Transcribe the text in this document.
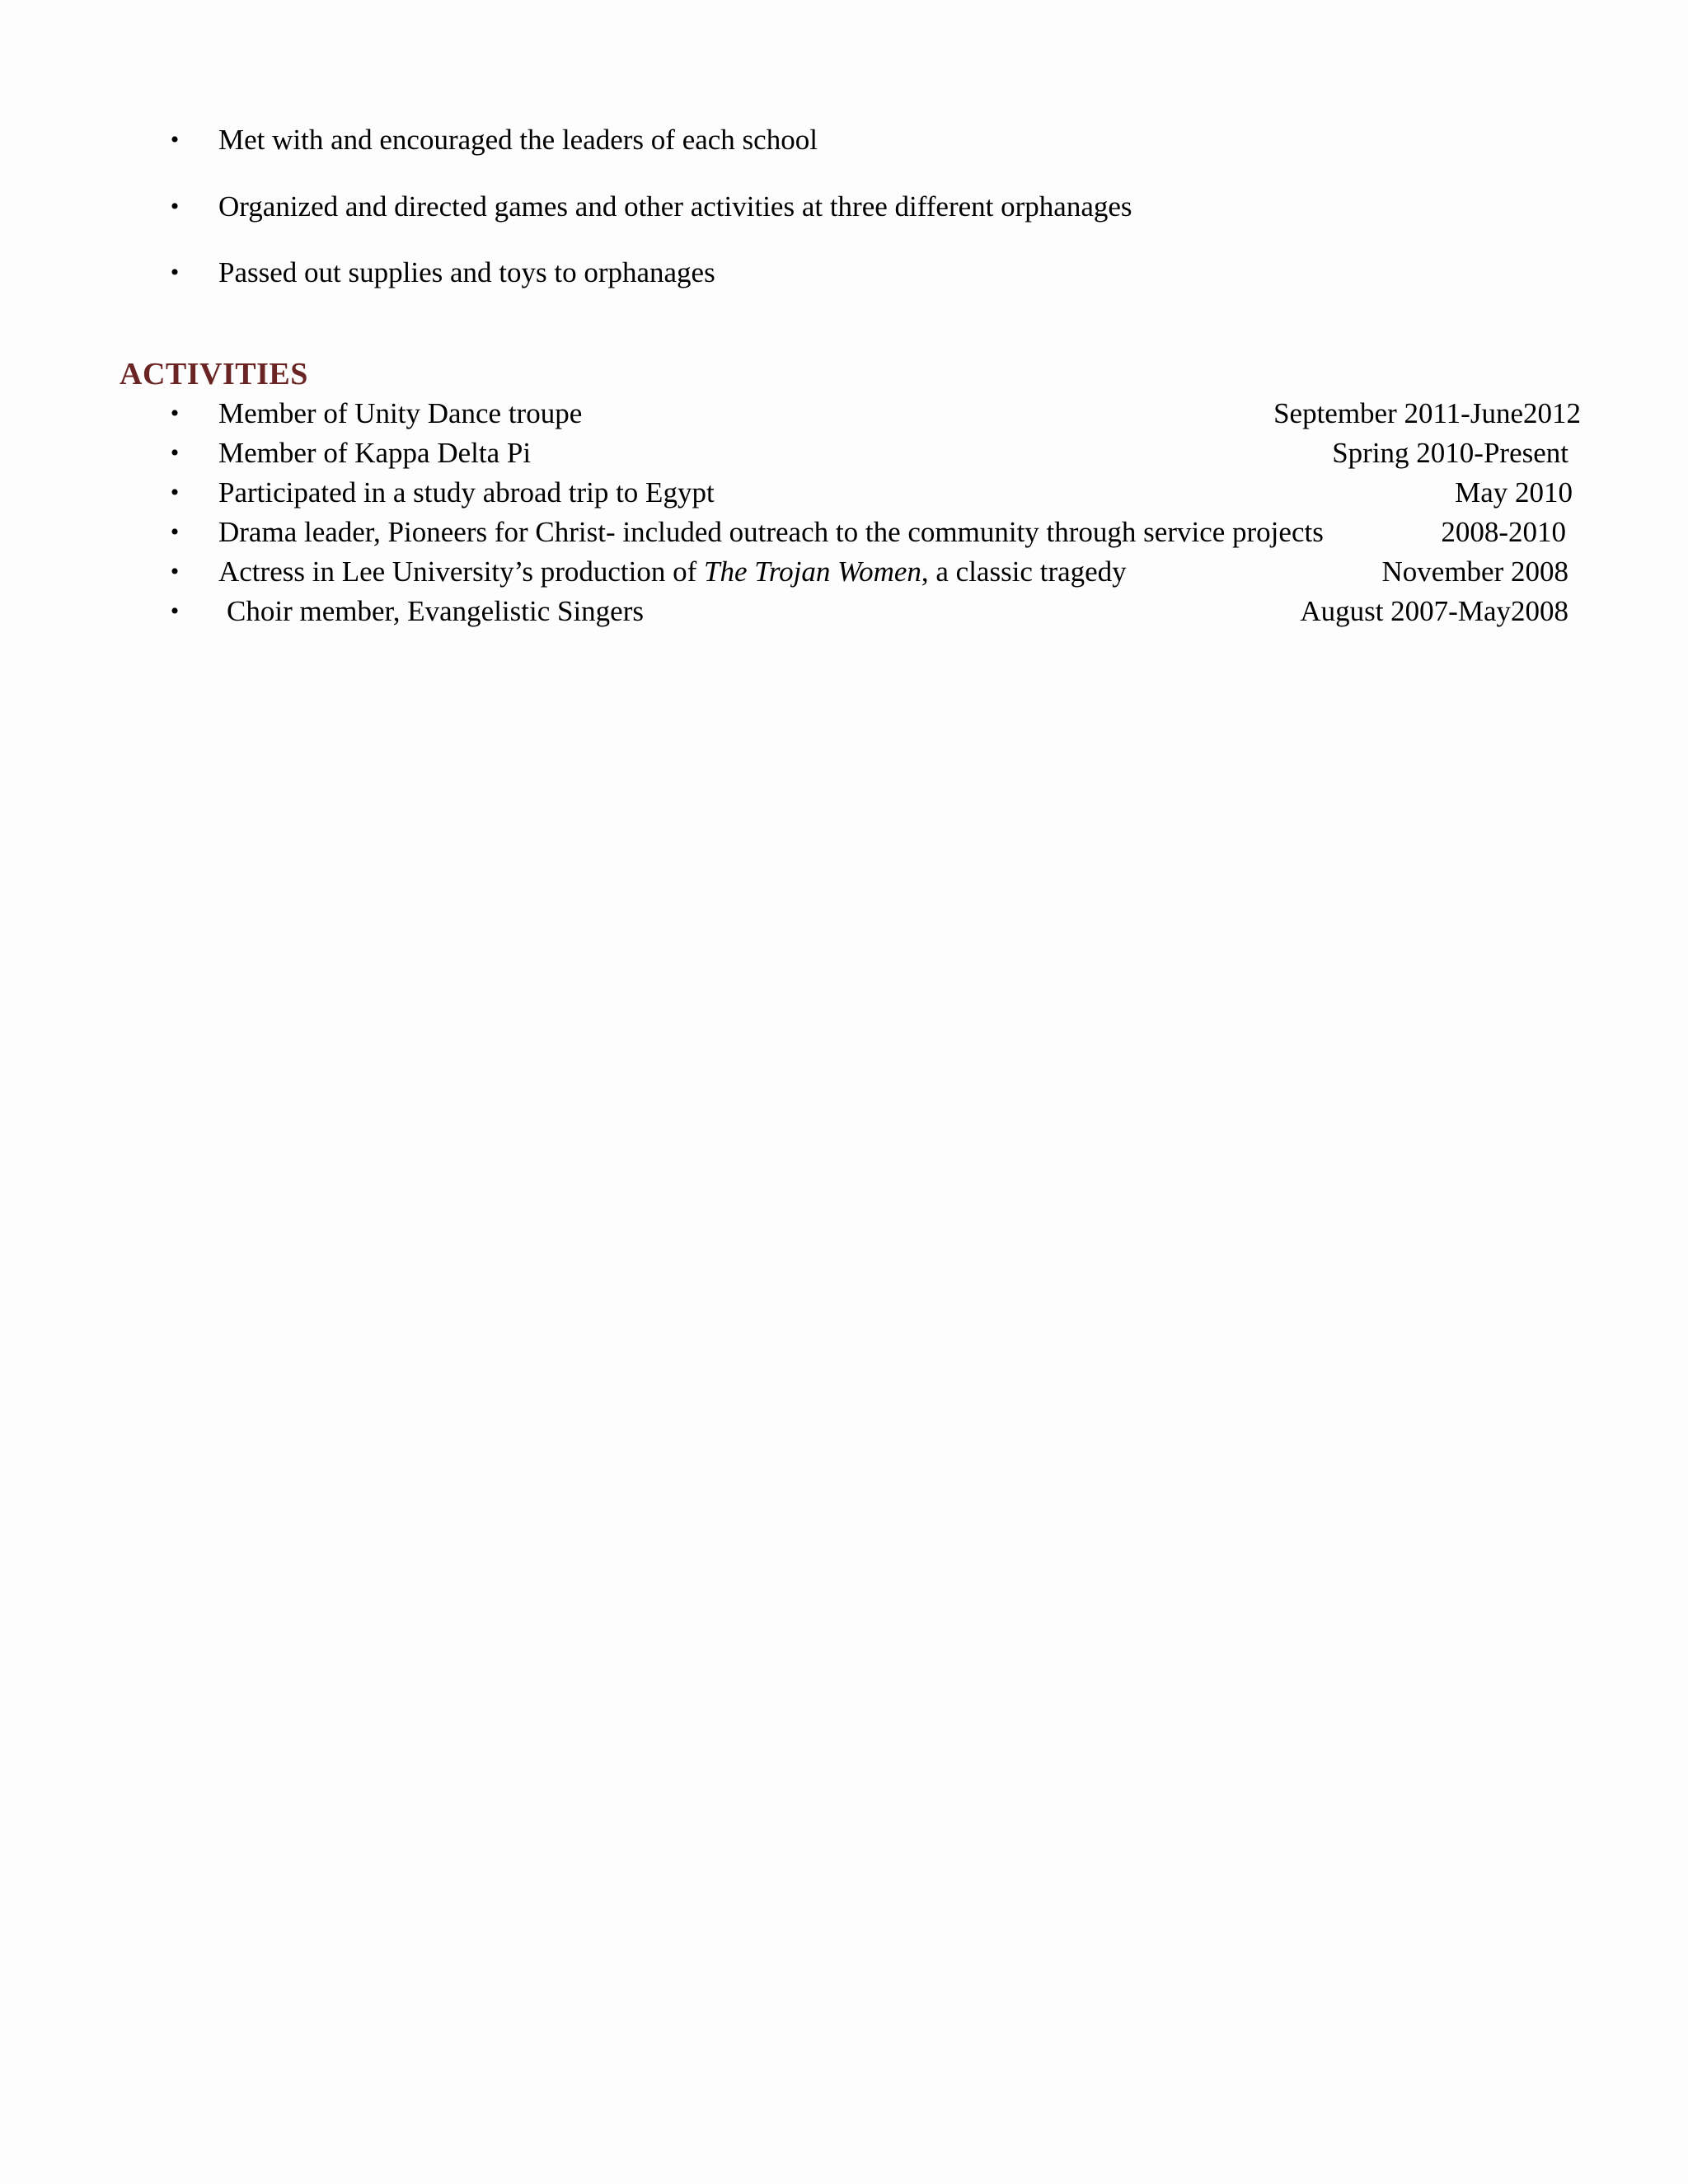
• Met with and encouraged the leaders of each school
• Organized and directed games and other activities at three different orphanages
• Passed out supplies and toys to orphanages
ACTIVITIES
• Member of Unity Dance troupe	September 2011-June2012
• Member of Kappa Delta Pi	Spring 2010-Present
• Participated in a study abroad trip to Egypt	May 2010
• Drama leader, Pioneers for Christ- included outreach to the community through service projects	2008-2010
• Actress in Lee University’s production of The Trojan Women, a classic tragedy	November 2008
• Choir member, Evangelistic Singers	August 2007-May2008
